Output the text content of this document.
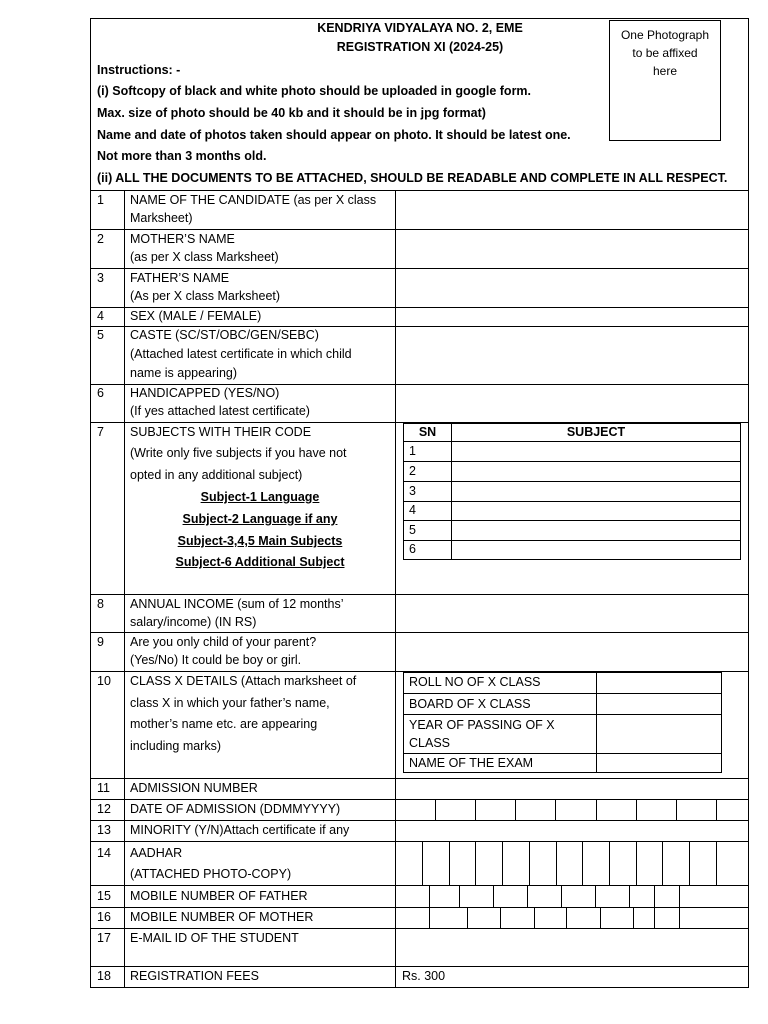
KENDRIYA VIDYALAYA NO. 2, EME
REGISTRATION XI (2024-25)
One Photograph
to be affixed
here
Instructions: -
(i) Softcopy of black and white photo should be uploaded in google form.
Max. size of photo should be 40 kb and it should be in jpg format)
Name and date of photos taken should appear on photo. It should be latest one.
Not more than 3 months old.
(ii) ALL THE DOCUMENTS TO BE ATTACHED, SHOULD BE READABLE AND COMPLETE IN ALL RESPECT.
1 NAME OF THE CANDIDATE (as per X class
Marksheet)
2 MOTHER’S NAME
(as per X class Marksheet)
3 FATHER’S NAME
(As per X class Marksheet)
4 SEX (MALE / FEMALE)
5 CASTE (SC/ST/OBC/GEN/SEBC)
(Attached latest certificate in which child
name is appearing)
6 HANDICAPPED (YES/NO)
(If yes attached latest certificate)
7 SUBJECTS WITH THEIR CODE
(Write only five subjects if you have not
opted in any additional subject)
Subject-1 Language
Subject-2 Language if any
Subject-3,4,5 Main Subjects
Subject-6 Additional Subject
SN	SUBJECT
1
2
3
4
5
6
8 ANNUAL INCOME (sum of 12 months’
salary/income) (IN RS)
9 Are you only child of your parent?
(Yes/No) It could be boy or girl.
10 CLASS X DETAILS (Attach marksheet of
class X in which your father’s name,
mother’s name etc. are appearing
including marks)
ROLL NO OF X CLASS
BOARD OF X CLASS
YEAR OF PASSING OF X
CLASS
NAME OF THE EXAM
11 ADMISSION NUMBER
12 DATE OF ADMISSION (DDMMYYYY)
13 MINORITY (Y/N)Attach certificate if any
14 AADHAR
(ATTACHED PHOTO-COPY)
15 MOBILE NUMBER OF FATHER
16 MOBILE NUMBER OF MOTHER
17 E-MAIL ID OF THE STUDENT
18 REGISTRATION FEES	Rs. 300
